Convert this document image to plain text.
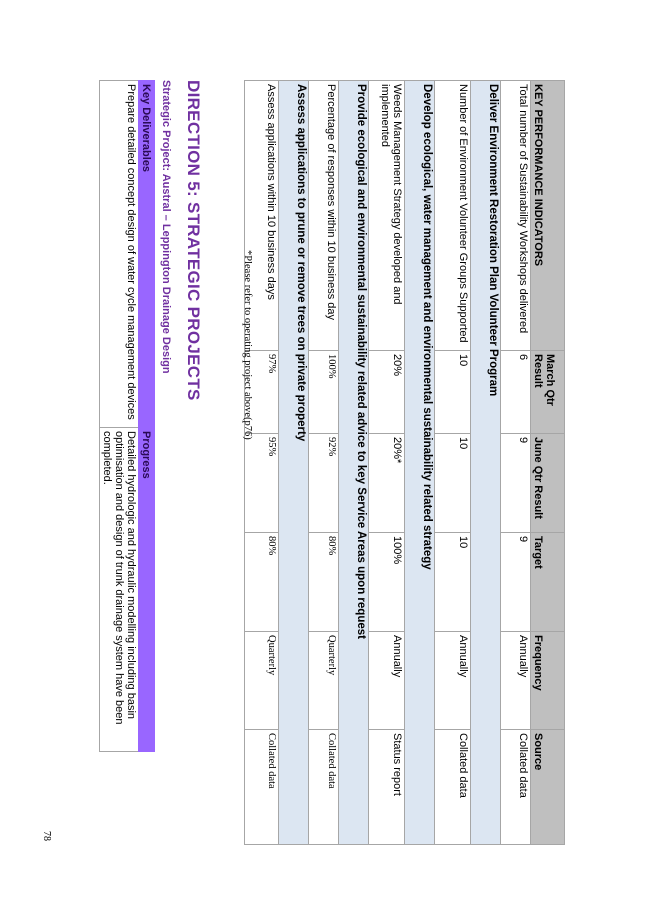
KEY PERFORMANCE INDICATORS	March Qtr Result	June Qtr Result	Target	Frequency	Source
Total number of Sustainability Workshops delivered	6	9	9	Annually	Collated data
Deliver Environment Restoration Plan Volunteer Program					
Number of Environment Volunteer Groups Supported	10	10	10	Annually	Collated data
Develop ecological, water management and environmental sustainability related strategy					
Weeds Management Strategy developed and implemented	20%	20%*	100%	Annually	Status report
Provide ecological and environmental sustainability related advice to key Service Areas upon request					
Percentage of responses within 10 business day	100%	92%	80%	Quarterly	Collated data
Assess applications to prune or remove trees on private property					
Assess applications within 10 business days	97%	95%	80%	Quarterly	Collated data
*Please refer to operating project above(p76)
DIRECTION 5: STRATEGIC PROJECTS
Strategic Project: Austral – Leppington Drainage Design
Key Deliverables	Progress
Prepare detailed concept design of water cycle management devices	Detailed hydrologic and hydraulic modelling including basin optimisation and design of trunk drainage system have been completed.
78
